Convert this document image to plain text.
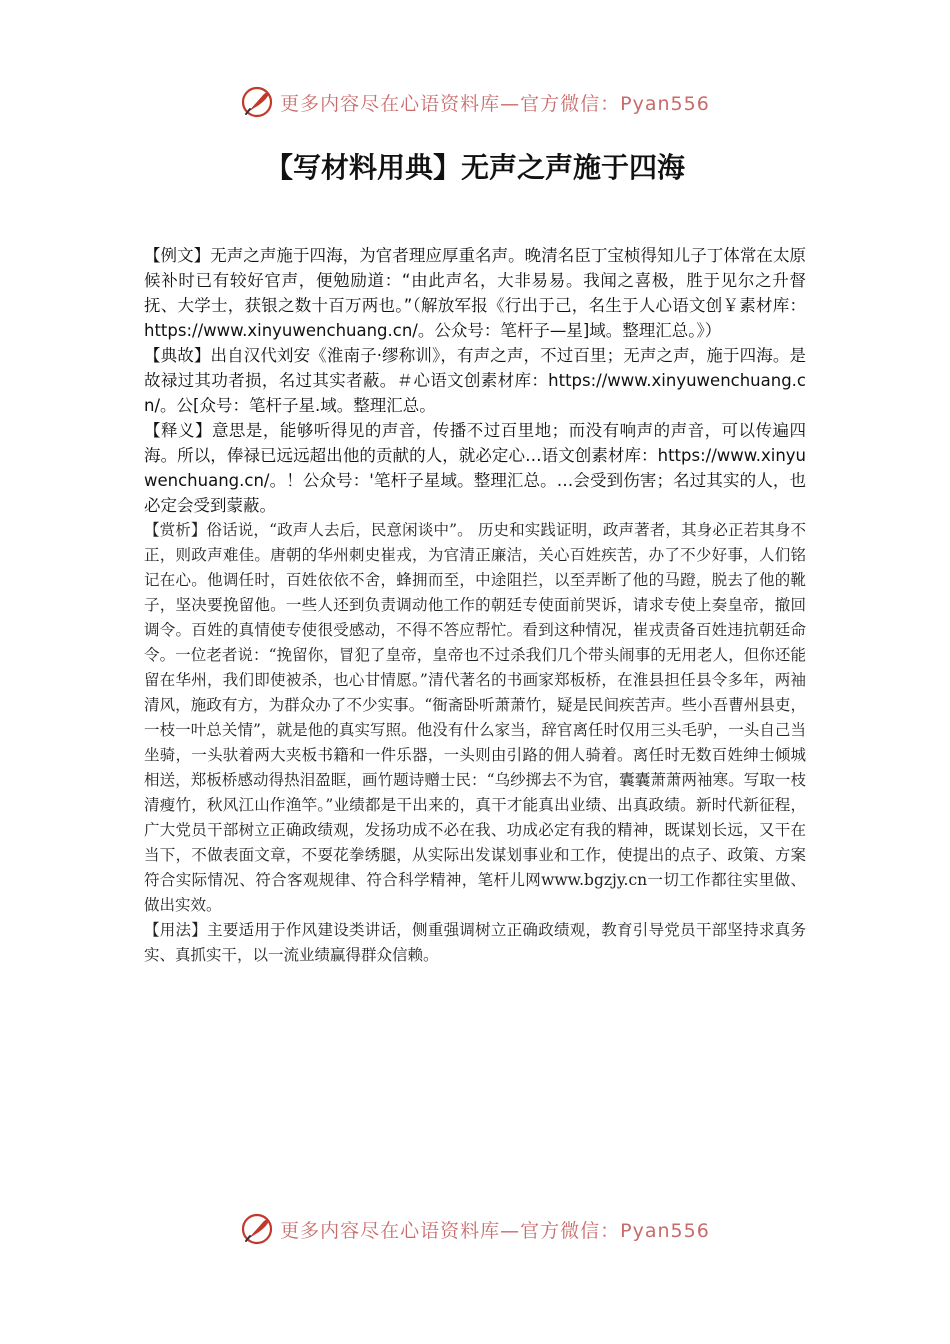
更多内容尽在心语资料库—官方微信：Pyan556
【写材料用典】无声之声施于四海

【例文】无声之声施于四海，为官者理应厚重名声。晚清名臣丁宝桢得知儿子丁体常在太原候补时已有较好官声，便勉励道：“由此声名，大非易易。我闻之喜极，胜于见尔之升督抚、大学士，获银之数十百万两也。”（解放军报《行出于己，名生于人心语文创￥素材库：https://www.xinyuwenchuang.cn/。公众号：笔杆子—星]域。整理汇总。》）

【典故】出自汉代刘安《淮南子·缪称训》，有声之声，不过百里；无声之声，施于四海。是故禄过其功者损，名过其实者蔽。＃心语文创素材库：https://www.xinyuwenchuang.cn/。公[众号：笔杆子星.域。整理汇总。

【释义】意思是，能够听得见的声音，传播不过百里地；而没有响声的声音，可以传遍四海。所以，俸禄已远远超出他的贡献的人，就必定心…语文创素材库：https://www.xinyuwenchuang.cn/。！公众号：'笔杆子星域。整理汇总。…会受到伤害；名过其实的人，也必定会受到蒙蔽。

【赏析】俗话说，“政声人去后，民意闲谈中”。 历史和实践证明，政声著者，其身必正若其身不正，则政声难佳。唐朝的华州刺史崔戎，为官清正廉洁，关心百姓疾苦，办了不少好事，人们铭记在心。他调任时，百姓依依不舍，蜂拥而至，中途阻拦，以至弄断了他的马蹬，脱去了他的靴子，坚决要挽留他。一些人还到负责调动他工作的朝廷专使面前哭诉，请求专使上奏皇帝，撤回调令。百姓的真情使专使很受感动，不得不答应帮忙。看到这种情况，崔戎责备百姓违抗朝廷命令。一位老者说：“挽留你，冒犯了皇帝，皇帝也不过杀我们几个带头闹事的无用老人，但你还能留在华州，我们即使被杀，也心甘情愿。”清代著名的书画家郑板桥，在淮县担任县令多年，两袖清风，施政有方，为群众办了不少实事。“衙斋卧听萧萧竹，疑是民间疾苦声。些小吾曹州县吏，一枝一叶总关情”，就是他的真实写照。他没有什么家当，辞官离任时仅用三头毛驴，一头自己当坐骑，一头驮着两大夹板书籍和一件乐器，一头则由引路的佣人骑着。离任时无数百姓绅士倾城相送，郑板桥感动得热泪盈眶，画竹题诗赠士民：“乌纱掷去不为官，囊囊萧萧两袖寒。写取一枝清瘦竹，秋风江山作渔竿。”业绩都是干出来的，真干才能真出业绩、出真政绩。新时代新征程，广大党员干部树立正确政绩观，发扬功成不必在我、功成必定有我的精神，既谋划长远，又干在当下，不做表面文章，不耍花拳绣腿，从实际出发谋划事业和工作，使提出的点子、政策、方案符合实际情况、符合客观规律、符合科学精神，笔杆儿网www.bgzjy.cn一切工作都往实里做、做出实效。

【用法】主要适用于作风建设类讲话，侧重强调树立正确政绩观，教育引导党员干部坚持求真务实、真抓实干，以一流业绩赢得群众信赖。

更多内容尽在心语资料库—官方微信：Pyan556
